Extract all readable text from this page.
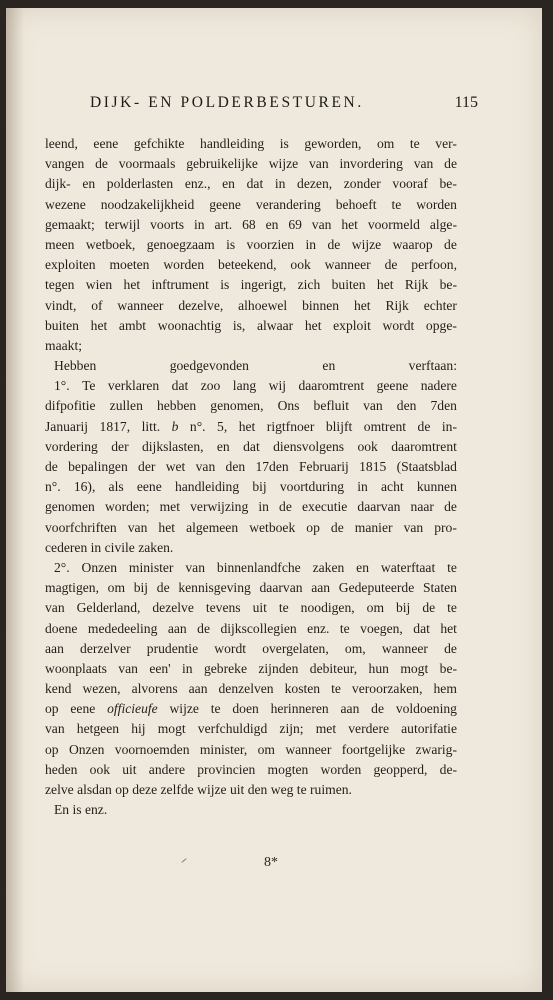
DIJK- EN POLDERBESTUREN.	115
leend, eene gefchikte handleiding is geworden, om te ver-
vangen de voormaals gebruikelijke wijze van invordering van de
dijk- en polderlasten enz., en dat in dezen, zonder vooraf be-
wezene noodzakelijkheid geene verandering behoeft te worden
gemaakt; terwijl voorts in art. 68 en 69 van het voormeld alge-
meen wetboek, genoegzaam is voorzien in de wijze waarop de
exploiten moeten worden beteekend, ook wanneer de perfoon,
tegen wien het inftrument is ingerigt, zich buiten het Rijk be-
vindt, of wanneer dezelve, alhoewel binnen het Rijk echter
buiten het ambt woonachtig is, alwaar het exploit wordt opge-
maakt;
Hebben	goedgevonden	en	verftaan:
1°. Te verklaren dat zoo lang wij daaromtrent geene nadere
difpofitie zullen hebben genomen, Ons befluit van den 7den
Januarij 1817, litt. b n°. 5, het rigtfnoer blijft omtrent de in-
vordering der dijkslasten, en dat diensvolgens ook daaromtrent
de bepalingen der wet van den 17den Februarij 1815 (Staatsblad
n°. 16), als eene handleiding bij voortduring in acht kunnen
genomen worden; met verwijzing in de executie daarvan naar de
voorfchriften van het algemeen wetboek op de manier van pro-
cederen in civile zaken.
2°. Onzen minister van binnenlandfche zaken en waterftaat te
magtigen, om bij de kennisgeving daarvan aan Gedeputeerde Staten
van Gelderland, dezelve tevens uit te noodigen, om bij de te
doene mededeeling aan de dijkscollegien enz. te voegen, dat het
aan derzelver prudentie wordt overgelaten, om, wanneer de
woonplaats van een' in gebreke zijnden debiteur, hun mogt be-
kend wezen, alvorens aan denzelven kosten te veroorzaken, hem
op eene officieufe wijze te doen herinneren aan de voldoening
van hetgeen hij mogt verfchuldigd zijn; met verdere autorifatie
op Onzen voornoemden minister, om wanneer foortgelijke zwarig-
heden ook uit andere provincien mogten worden geopperd, de-
zelve alsdan op deze zelfde wijze uit den weg te ruimen.
En is enz.
8*
